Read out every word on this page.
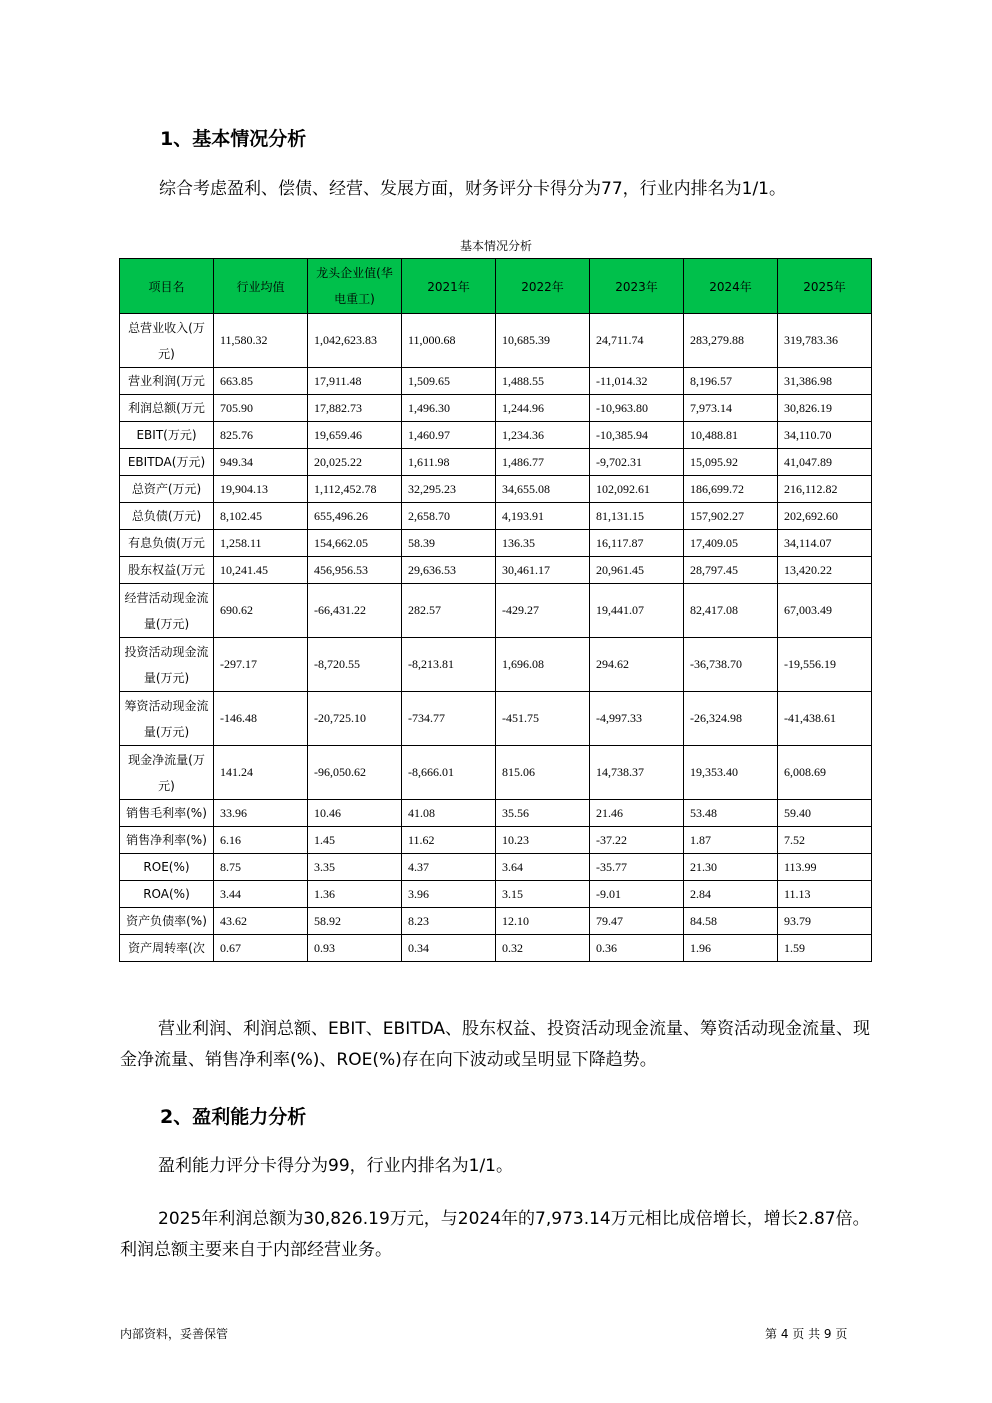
1、基本情况分析
综合考虑盈利、偿债、经营、发展方面，财务评分卡得分为77，行业内排名为1/1。
基本情况分析
项目名	行业均值	龙头企业值(华电重工)	2021年	2022年	2023年	2024年	2025年
总营业收入(万元)	11,580.32	1,042,623.83	11,000.68	10,685.39	24,711.74	283,279.88	319,783.36
营业利润(万元	663.85	17,911.48	1,509.65	1,488.55	-11,014.32	8,196.57	31,386.98
利润总额(万元	705.90	17,882.73	1,496.30	1,244.96	-10,963.80	7,973.14	30,826.19
EBIT(万元)	825.76	19,659.46	1,460.97	1,234.36	-10,385.94	10,488.81	34,110.70
EBITDA(万元)	949.34	20,025.22	1,611.98	1,486.77	-9,702.31	15,095.92	41,047.89
总资产(万元)	19,904.13	1,112,452.78	32,295.23	34,655.08	102,092.61	186,699.72	216,112.82
总负债(万元)	8,102.45	655,496.26	2,658.70	4,193.91	81,131.15	157,902.27	202,692.60
有息负债(万元	1,258.11	154,662.05	58.39	136.35	16,117.87	17,409.05	34,114.07
股东权益(万元	10,241.45	456,956.53	29,636.53	30,461.17	20,961.45	28,797.45	13,420.22
经营活动现金流量(万元)	690.62	-66,431.22	282.57	-429.27	19,441.07	82,417.08	67,003.49
投资活动现金流量(万元)	-297.17	-8,720.55	-8,213.81	1,696.08	294.62	-36,738.70	-19,556.19
筹资活动现金流量(万元)	-146.48	-20,725.10	-734.77	-451.75	-4,997.33	-26,324.98	-41,438.61
现金净流量(万元)	141.24	-96,050.62	-8,666.01	815.06	14,738.37	19,353.40	6,008.69
销售毛利率(%)	33.96	10.46	41.08	35.56	21.46	53.48	59.40
销售净利率(%)	6.16	1.45	11.62	10.23	-37.22	1.87	7.52
ROE(%)	8.75	3.35	4.37	3.64	-35.77	21.30	113.99
ROA(%)	3.44	1.36	3.96	3.15	-9.01	2.84	11.13
资产负债率(%)	43.62	58.92	8.23	12.10	79.47	84.58	93.79
资产周转率(次	0.67	0.93	0.34	0.32	0.36	1.96	1.59
营业利润、利润总额、EBIT、EBITDA、股东权益、投资活动现金流量、筹资活动现金流量、现金净流量、销售净利率(%)、ROE(%)存在向下波动或呈明显下降趋势。
2、盈利能力分析
盈利能力评分卡得分为99，行业内排名为1/1。
2025年利润总额为30,826.19万元，与2024年的7,973.14万元相比成倍增长，增长2.87倍。利润总额主要来自于内部经营业务。
内部资料，妥善保管	第 4 页 共 9 页
